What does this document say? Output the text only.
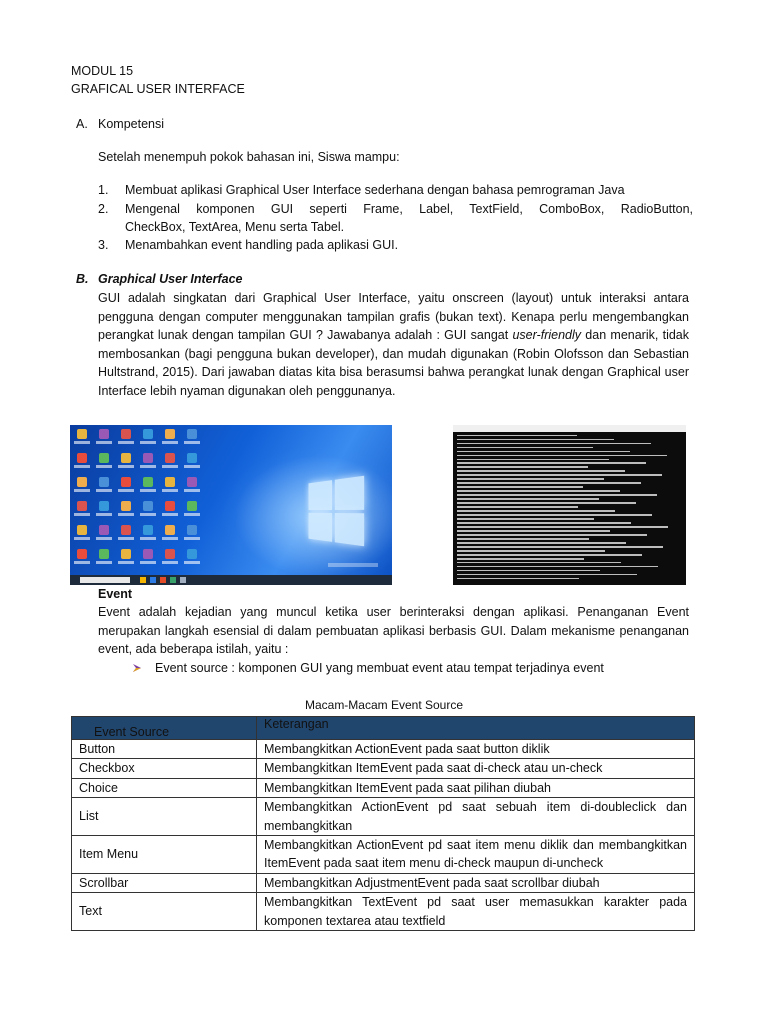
MODUL 15
GRAFICAL USER INTERFACE
A. Kompetensi
Setelah menempuh pokok bahasan ini, Siswa mampu:
1. Membuat aplikasi Graphical User Interface sederhana dengan bahasa pemrograman Java
2. Mengenal komponen GUI seperti Frame, Label, TextField, ComboBox, RadioButton,
CheckBox, TextArea, Menu serta Tabel.
3. Menambahkan event handling pada aplikasi GUI.
B. Graphical User Interface
GUI adalah singkatan dari Graphical User Interface, yaitu onscreen (layout) untuk interaksi antara pengguna dengan computer menggunakan tampilan grafis (bukan text). Kenapa perlu mengembangkan perangkat lunak dengan tampilan GUI ? Jawabanya adalah : GUI sangat user-friendly dan menarik, tidak membosankan (bagi pengguna bukan developer), dan mudah digunakan (Robin Olofsson dan Sebastian Hultstrand, 2015). Dari jawaban diatas kita bisa berasumsi bahwa perangkat lunak dengan Graphical user Interface lebih nyaman digunakan oleh penggunanya.
Event
Event adalah kejadian yang muncul ketika user berinteraksi dengan aplikasi. Penanganan Event merupakan langkah esensial di dalam pembuatan aplikasi berbasis GUI. Dalam mekanisme penanganan event, ada beberapa istilah, yaitu :
Event source : komponen GUI yang membuat event atau tempat terjadinya event
Macam-Macam Event Source
Event Source	Keterangan
Button	Membangkitkan ActionEvent pada saat button diklik
Checkbox	Membangkitkan ItemEvent pada saat di-check atau un-check
Choice	Membangkitkan ItemEvent pada saat pilihan diubah
List	Membangkitkan ActionEvent pd saat sebuah item di-doubleclick dan membangkitkan
Item Menu	Membangkitkan ActionEvent pd saat item menu diklik dan membangkitkan ItemEvent pada saat item menu di-check maupun di-uncheck
Scrollbar	Membangkitkan AdjustmentEvent pada saat scrollbar diubah
Text	Membangkitkan TextEvent pd saat user memasukkan karakter pada komponen textarea atau textfield
